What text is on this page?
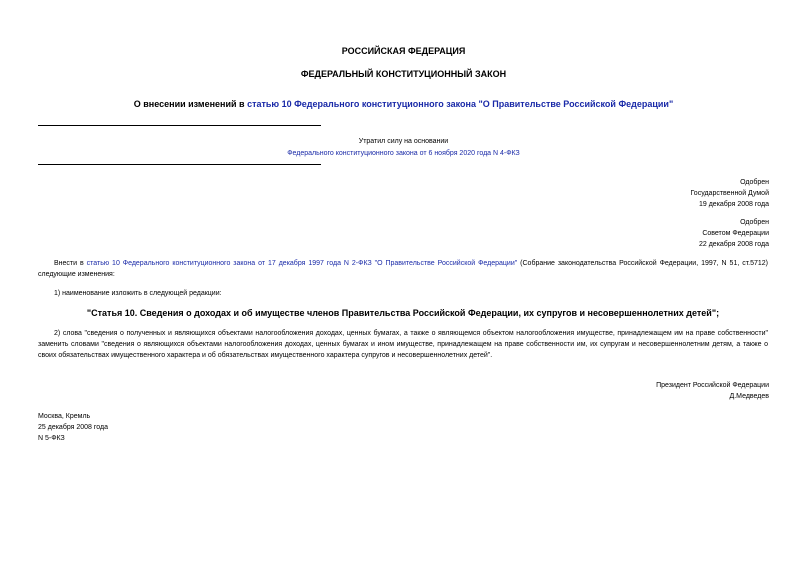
РОССИЙСКАЯ ФЕДЕРАЦИЯ
ФЕДЕРАЛЬНЫЙ КОНСТИТУЦИОННЫЙ ЗАКОН
О внесении изменений в статью 10 Федерального конституционного закона "О Правительстве Российской Федерации"
Утратил силу на основании
Федерального конституционного закона от 6 ноября 2020 года N 4-ФКЗ
Одобрен
Государственной Думой
19 декабря 2008 года
Одобрен
Советом Федерации
22 декабря 2008 года
Внести в статью 10 Федерального конституционного закона от 17 декабря 1997 года N 2-ФКЗ "О Правительстве Российской Федерации" (Собрание законодательства Российской Федерации, 1997, N 51, ст.5712) следующие изменения:
1) наименование изложить в следующей редакции:
"Статья 10. Сведения о доходах и об имуществе членов Правительства Российской Федерации, их супругов и несовершеннолетних детей";
2) слова "сведения о полученных и являющихся объектами налогообложения доходах, ценных бумагах, а также о являющемся объектом налогообложения имуществе, принадлежащем им на праве собственности" заменить словами "сведения о являющихся объектами налогообложения доходах, ценных бумагах и ином имуществе, принадлежащем на праве собственности им, их супругам и несовершеннолетним детям, а также о своих обязательствах имущественного характера и об обязательствах имущественного характера супругов и несовершеннолетних детей".
Президент Российской Федерации
Д.Медведев
Москва, Кремль
25 декабря 2008 года
N 5-ФКЗ
